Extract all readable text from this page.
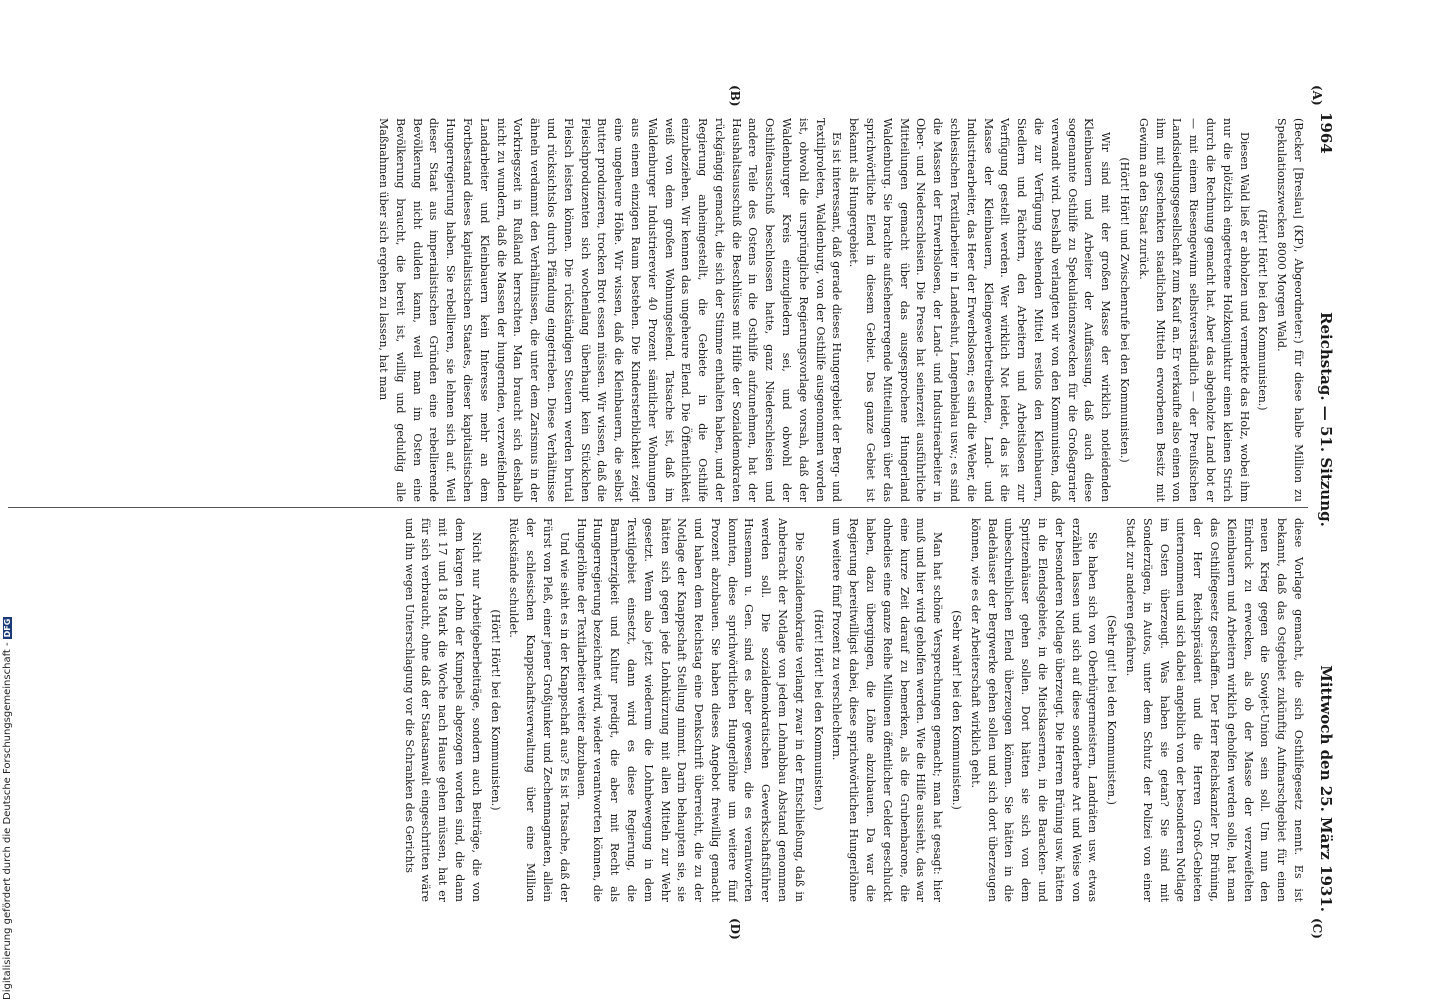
1964
Reichstag. — 51. Sitzung.
Mittwoch den 25. März 1931.
(A)
(B)
(C)
(D)

(Becker [Breslau] (KP), Abgeordneter:) für diese halbe Million zu Spekulationszwecken 8000 Morgen Wald.

(Hört! Hört! bei den Kommunisten.)

Diesen Wald ließ er abholzen und vermerkte das Holz, wobei ihm nur die plötzlich eingetretene Holzkonjunktur einen kleinen Strich durch die Rechnung gemacht hat. Aber das abgeholzte Land bot er — mit einem Riesengewinn selbstverständlich — der Preußischen Landsiedlungsgesellschaft zum Kauf an. Er verkaufte also einen von ihm mit geschenkten staatlichen Mitteln erworbenen Besitz mit Gewinn an den Staat zurück.

(Hört! Hört! und Zwischenrufe bei den Kommunisten.)

Wir sind mit der großen Masse der wirklich notleidenden Kleinbauern und Arbeiter der Auffassung, daß auch diese sogenannte Osthilfe zu Spekulationszwecken für die Großagrarier verwandt wird. Deshalb verlangten wir von den Kommunisten, daß die zur Verfügung stehenden Mittel restlos den Kleinbauern, Siedlern und Pächtern, den Arbeitern und Arbeitslosen zur Verfügung gestellt werden. Wer wirklich Not leidet, das ist die Masse der Kleinbauern, Kleingewerbetreibenden, Land- und Industriearbeiter, das Heer der Erwerbslosen; es sind die Weber, die schlesischen Textilarbeiter in Landeshut, Langenbielau usw.; es sind die Massen der Erwerbslosen, der Land- und Industriearbeiter in Ober- und Niederschlesien. Die Presse hat seinerzeit ausführliche Mitteilungen gemacht über das ausgesprochene Hungerland Waldenburg. Sie brachte aufsehenerregende Mitteilungen über das sprichwörtliche Elend in diesem Gebiet. Das ganze Gebiet ist bekannt als Hungergebiet.

Es ist interessant, daß gerade dieses Hungergebiet der Berg- und Textilproleten, Waldenburg, von der Osthilfe ausgenommen worden ist, obwohl die ursprüngliche Regierungsvorlage vorsah, daß der Waldenburger Kreis einzugliedern sei, und obwohl der Osthilfeausschuß beschlossen hatte, ganz Niederschlesien und andere Teile des Ostens in die Osthilfe aufzunehmen, hat der Haushaltsausschuß die Beschlüsse mit Hilfe der Sozialdemokraten rückgängig gemacht, die sich der Stimme enthalten haben, und der Regierung anheimgestellt, die Gebiete in die Osthilfe einzubeziehen. Wir kennen das ungeheure Elend. Die Öffentlichkeit weiß von dem großen Wohnungselend. Tatsache ist, daß im Waldenburger Industrierevier 40 Prozent sämtlicher Wohnungen aus einem einzigen Raum bestehen. Die Kindersterblichkeit zeigt eine ungeheure Höhe. Wir wissen, daß die Kleinbauern, die selbst Butter produzieren, trocken Brot essen müssen. Wir wissen, daß die Fleischproduzenten sich wochenlang überhaupt kein Stückchen Fleisch leisten können. Die rückständigen Steuern werden brutal und rücksichtslos durch Pfändung eingetrieben. Diese Verhältnisse ähneln verdammt den Verhältnissen, die unter dem Zarismus in der Vorkriegszeit in Rußland herrschten. Man braucht sich deshalb nicht zu wundern, daß die Massen der hungernden, verzweifelnden Landarbeiter und Kleinbauern kein Interesse mehr an dem Fortbestand dieses kapitalistischen Staates, dieser kapitalistischen Hungerregierung haben. Sie rebellieren, sie lehnen sich auf. Weil dieser Staat aus imperialistischen Gründen eine rebellierende Bevölkerung nicht dulden kann, weil man im Osten eine Bevölkerung braucht, die bereit ist, willig und geduldig alle Maßnahmen über sich ergehen zu lassen, hat man

diese Vorlage gemacht, die sich Osthilfegesetz nennt. Es ist bekannt, daß das Ostgebiet zukünftig Aufmarschgebiet für einen neuen Krieg gegen die Sowjet-Union sein soll. Um nun den Eindruck zu erwecken, als ob der Masse der verzweifelten Kleinbauern und Arbeitern wirklich geholfen werden solle, hat man das Osthilfegesetz geschaffen. Der Herr Reichskanzler Dr. Brüning, der Herr Reichspräsident und die Herren Groß-Gebieten unternommen und sich dabei angeblich von der besonderen Notlage im Osten überzeugt. Was haben sie getan? Sie sind mit Sonderzügen, in Autos, unter dem Schutz der Polizei von einer Stadt zur anderen gefahren.

(Sehr gut! bei den Kommunisten.)

Sie haben sich von Oberbürgermeistern, Landräten usw. etwas erzählen lassen und sich auf diese sonderbare Art und Weise von der besonderen Notlage überzeugt. Die Herren Brüning usw. hätten in die Elendsgebiete, in die Mietskasernen, in die Baracken- und Spritzenhäuser gehen sollen. Dort hätten sie sich von dem unbeschreiblichen Elend überzeugen können. Sie hätten in die Badehäuser der Bergwerke gehen sollen und sich dort überzeugen können, wie es der Arbeiterschaft wirklich geht.

(Sehr wahr! bei den Kommunisten.)

Man hat schöne Versprechungen gemacht; man hat gesagt: hier muß und hier wird geholfen werden. Wie die Hilfe aussieht, das war eine kurze Zeit darauf zu bemerken, als die Grubenbarone, die ohnedies eine ganze Reihe Millionen öffentlicher Gelder geschluckt haben, dazu übergingen, die Löhne abzubauen. Da war die Regierung bereitwilligst dabei, diese sprichwörtlichen Hungerlöhne um weitere fünf Prozent zu verschlechtern.

(Hört! Hört! bei den Kommunisten.)

Die Sozialdemokratie verlangt zwar in der Entschließung, daß in Anbetracht der Notlage von jedem Lohnabbau Abstand genommen werden soll. Die sozialdemokratischen Gewerkschaftsführer Husemann u. Gen. sind es aber gewesen, die es verantworten konnten, diese sprichwörtlichen Hungerlöhne um weitere fünf Prozent abzubauen. Sie haben dieses Angebot freiwillig gemacht und haben dem Reichstag eine Denkschrift überreicht, die zu der Notlage der Knappschaft Stellung nimmt. Darin behaupten sie, sie hätten sich gegen jede Lohnkürzung mit allen Mitteln zur Wehr gesetzt. Wenn also jetzt wiederum die Lohnbewegung in dem Textilgebiet einsetzt, dann wird es diese Regierung, die Barmherzigkeit und Kultur predigt, die aber mit Recht als Hungerregierung bezeichnet wird, wieder verantworten können, die Hungerlöhne der Textilarbeiter weiter abzubauen.

Und wie sieht es in der Knappschaft aus? Es ist Tatsache, daß der Fürst von Pleß, einer jener Großjunker und Zechenmagnaten, allein der schlesischen Knappschaftsverwaltung über eine Million Rückstände schuldet.

(Hört! Hört! bei den Kommunisten.)

Nicht nur Arbeitgeberbeiträge, sondern auch Beiträge, die von dem kargen Lohn der Kumpels abgezogen worden sind, die dann mit 17 und 18 Mark die Woche nach Hause gehen müssen, hat er für sich verbraucht, ohne daß der Staatsanwalt eingeschritten wäre und ihn wegen Unterschlagung vor die Schranken des Gerichts

Digitalisierung gefördert durch die Deutsche Forschungsgemeinschaft -DFG
